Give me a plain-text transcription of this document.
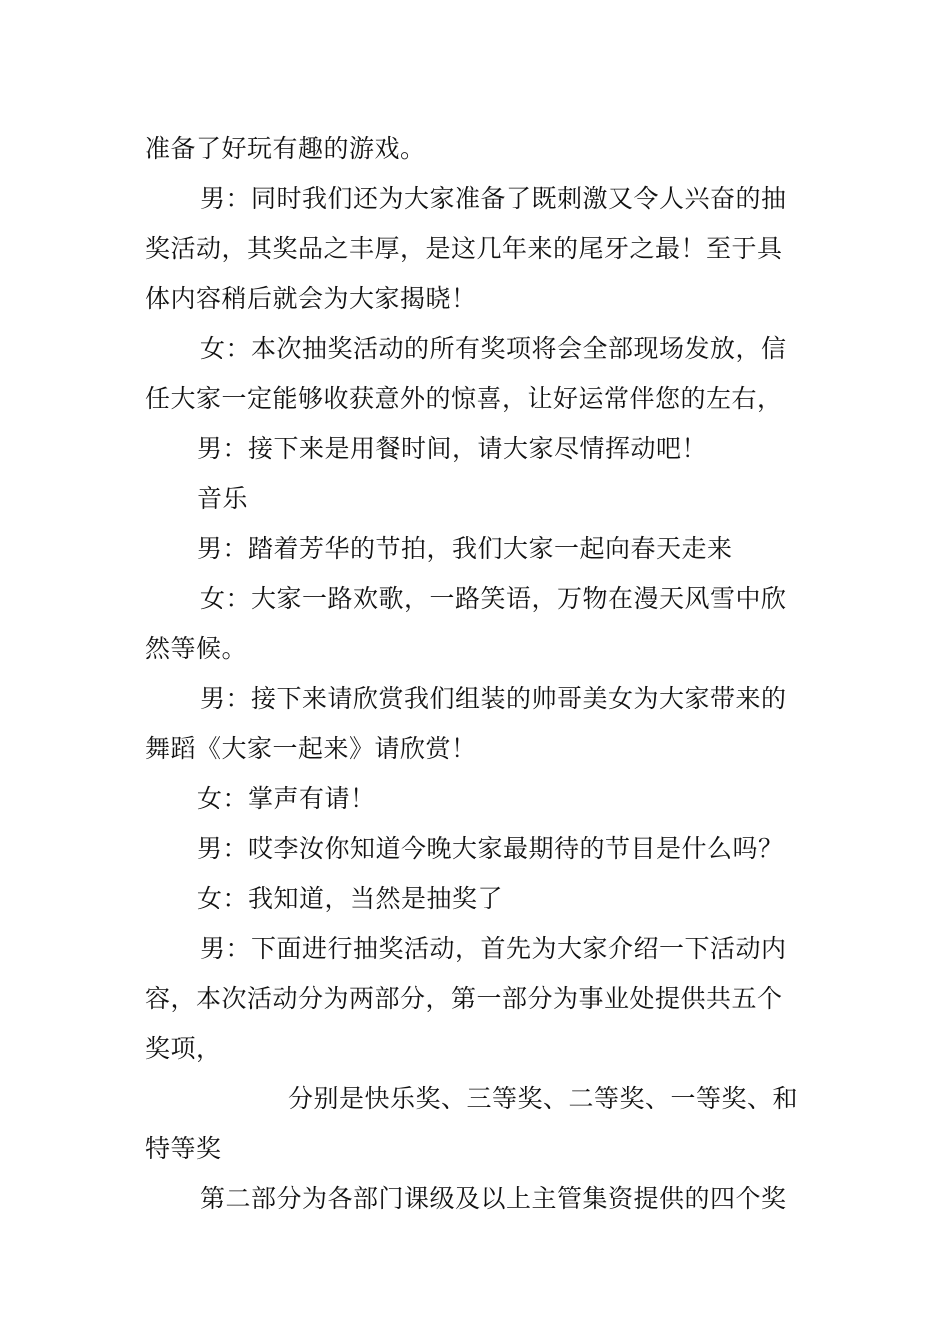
准备了好玩有趣的游戏。
男：同时我们还为大家准备了既刺激又令人兴奋的抽
奖活动，其奖品之丰厚，是这几年来的尾牙之最！至于具
体内容稍后就会为大家揭晓！
女：本次抽奖活动的所有奖项将会全部现场发放，信
任大家一定能够收获意外的惊喜，让好运常伴您的左右，
男：接下来是用餐时间，请大家尽情挥动吧！
音乐
男：踏着芳华的节拍，我们大家一起向春天走来
女：大家一路欢歌，一路笑语，万物在漫天风雪中欣
然等候。
男：接下来请欣赏我们组装的帅哥美女为大家带来的
舞蹈《大家一起来》请欣赏！
女：掌声有请！
男：哎李汝你知道今晚大家最期待的节目是什么吗？
女：我知道，当然是抽奖了
男：下面进行抽奖活动，首先为大家介绍一下活动内
容，本次活动分为两部分，第一部分为事业处提供共五个
奖项，
分别是快乐奖、三等奖、二等奖、一等奖、和
特等奖
第二部分为各部门课级及以上主管集资提供的四个奖
